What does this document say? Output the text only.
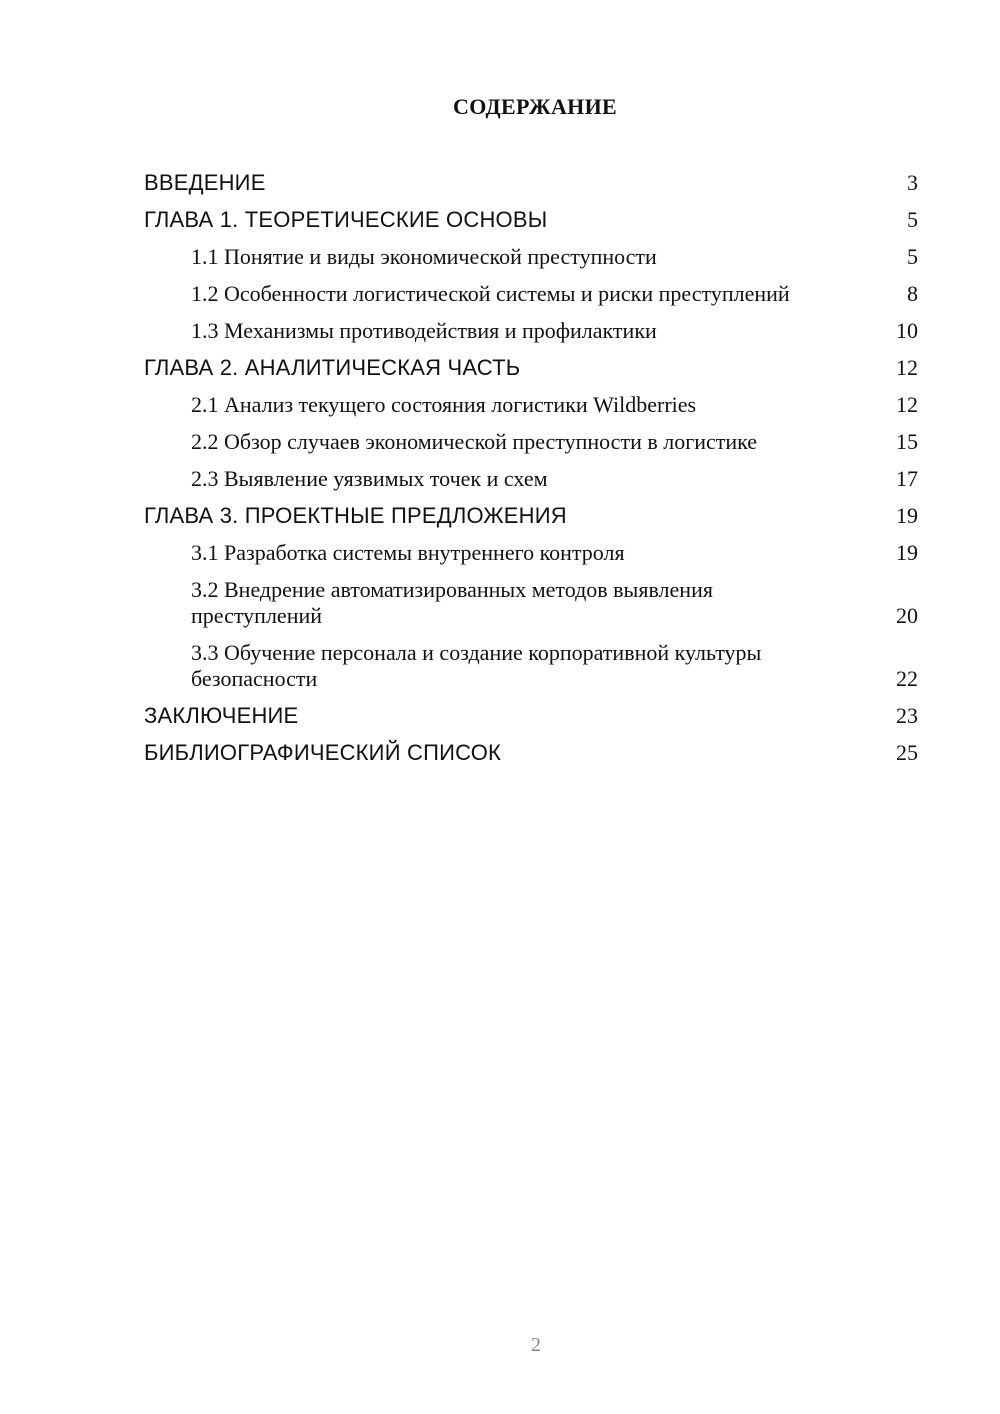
СОДЕРЖАНИЕ
ВВЕДЕНИЕ	3
ГЛАВА 1. ТЕОРЕТИЧЕСКИЕ ОСНОВЫ	5
1.1 Понятие и виды экономической преступности	5
1.2 Особенности логистической системы и риски преступлений	8
1.3 Механизмы противодействия и профилактики	10
ГЛАВА 2. АНАЛИТИЧЕСКАЯ ЧАСТЬ	12
2.1 Анализ текущего состояния логистики Wildberries	12
2.2 Обзор случаев экономической преступности в логистике	15
2.3 Выявление уязвимых точек и схем	17
ГЛАВА 3. ПРОЕКТНЫЕ ПРЕДЛОЖЕНИЯ	19
3.1 Разработка системы внутреннего контроля	19
3.2 Внедрение автоматизированных методов выявления преступлений	20
3.3 Обучение персонала и создание корпоративной культуры безопасности	22
ЗАКЛЮЧЕНИЕ	23
БИБЛИОГРАФИЧЕСКИЙ СПИСОК	25
2
